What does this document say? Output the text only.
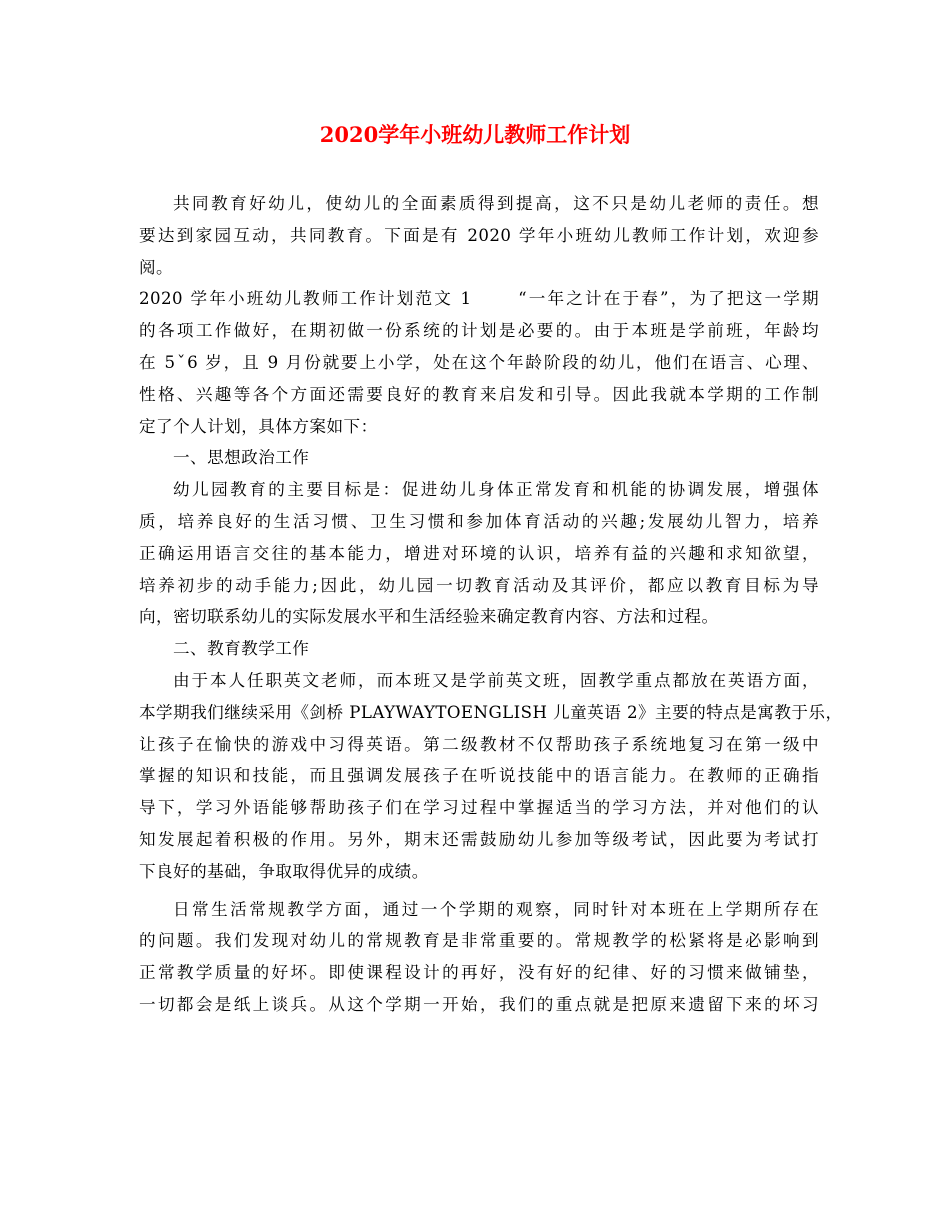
2020学年小班幼儿教师工作计划
共同教育好幼儿，使幼儿的全面素质得到提高，这不只是幼儿老师的责任。想
要达到家园互动，共同教育。下面是有 2020 学年小班幼儿教师工作计划，欢迎参
阅。
2020 学年小班幼儿教师工作计划范文 1　　 “一年之计在于春”，为了把这一学期
的各项工作做好，在期初做一份系统的计划是必要的。由于本班是学前班，年龄均
在 5ˇ6 岁，且 9 月份就要上小学，处在这个年龄阶段的幼儿，他们在语言、心理、
性格、兴趣等各个方面还需要良好的教育来启发和引导。因此我就本学期的工作制
定了个人计划，具体方案如下：
一、思想政治工作
幼儿园教育的主要目标是：促进幼儿身体正常发育和机能的协调发展，增强体
质，培养良好的生活习惯、卫生习惯和参加体育活动的兴趣;发展幼儿智力，培养
正确运用语言交往的基本能力，增进对环境的认识，培养有益的兴趣和求知欲望，
培养初步的动手能力;因此，幼儿园一切教育活动及其评价，都应以教育目标为导
向，密切联系幼儿的实际发展水平和生活经验来确定教育内容、方法和过程。
二、教育教学工作
由于本人任职英文老师，而本班又是学前英文班，固教学重点都放在英语方面，
本学期我们继续采用《剑桥 PLAYWAYTOENGLISH 儿童英语 2》主要的特点是寓教于乐，
让孩子在愉快的游戏中习得英语。第二级教材不仅帮助孩子系统地复习在第一级中
掌握的知识和技能，而且强调发展孩子在听说技能中的语言能力。在教师的正确指
导下，学习外语能够帮助孩子们在学习过程中掌握适当的学习方法，并对他们的认
知发展起着积极的作用。另外，期末还需鼓励幼儿参加等级考试，因此要为考试打
下良好的基础，争取取得优异的成绩。
日常生活常规教学方面，通过一个学期的观察，同时针对本班在上学期所存在
的问题。我们发现对幼儿的常规教育是非常重要的。常规教学的松紧将是必影响到
正常教学质量的好坏。即使课程设计的再好，没有好的纪律、好的习惯来做铺垫，
一切都会是纸上谈兵。从这个学期一开始，我们的重点就是把原来遗留下来的坏习
